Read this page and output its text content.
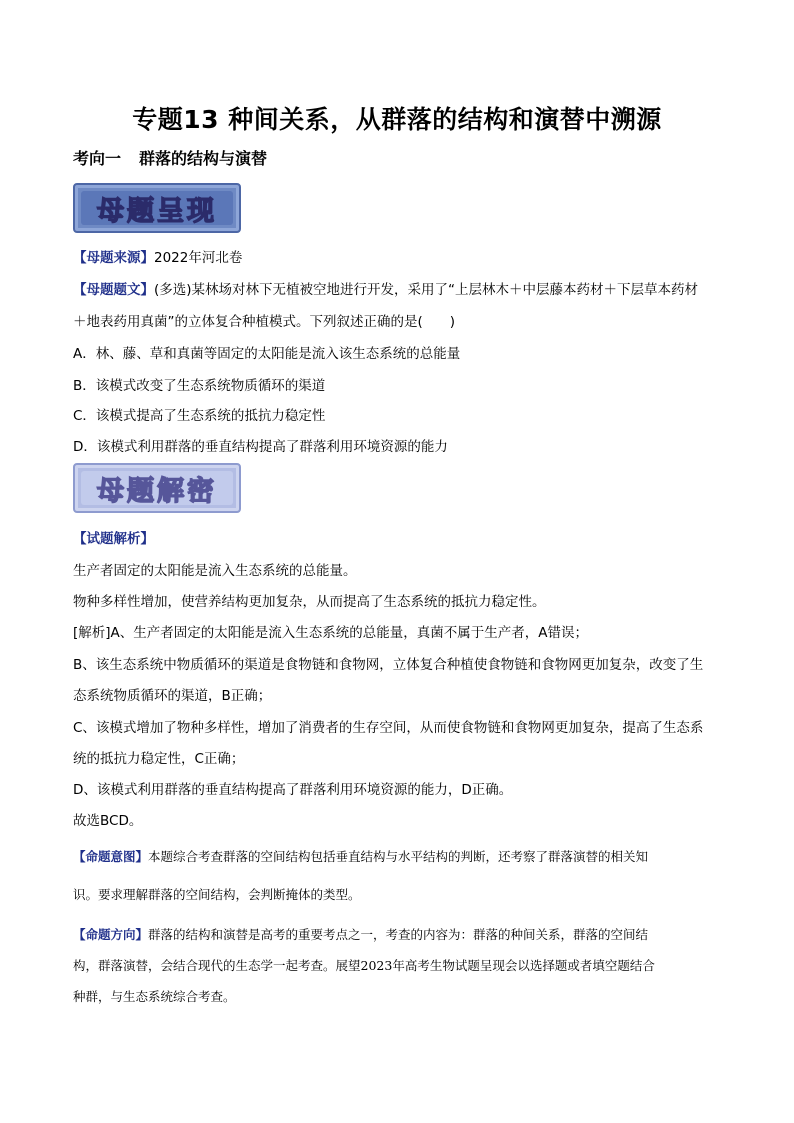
专题13 种间关系，从群落的结构和演替中溯源
考向一 群落的结构与演替
母题呈现
【母题来源】2022年河北卷
【母题题文】(多选)某林场对林下无植被空地进行开发，采用了“上层林木＋中层藤本药材＋下层草本药材
＋地表药用真菌”的立体复合种植模式。下列叙述正确的是(　　)
A．林、藤、草和真菌等固定的太阳能是流入该生态系统的总能量
B．该模式改变了生态系统物质循环的渠道
C．该模式提高了生态系统的抵抗力稳定性
D．该模式利用群落的垂直结构提高了群落利用环境资源的能力
母题解密
【试题解析】
生产者固定的太阳能是流入生态系统的总能量。
物种多样性增加，使营养结构更加复杂，从而提高了生态系统的抵抗力稳定性。
[解析]A、生产者固定的太阳能是流入生态系统的总能量，真菌不属于生产者，A错误；
B、该生态系统中物质循环的渠道是食物链和食物网，立体复合种植使食物链和食物网更加复杂，改变了生
态系统物质循环的渠道，B正确；
C、该模式增加了物种多样性，增加了消费者的生存空间，从而使食物链和食物网更加复杂，提高了生态系
统的抵抗力稳定性，C正确；
D、该模式利用群落的垂直结构提高了群落利用环境资源的能力，D正确。
故选BCD。
【命题意图】本题综合考查群落的空间结构包括垂直结构与水平结构的判断，还考察了群落演替的相关知
识。要求理解群落的空间结构，会判断掩体的类型。
【命题方向】群落的结构和演替是高考的重要考点之一，考查的内容为：群落的种间关系，群落的空间结
构，群落演替，会结合现代的生态学一起考查。展望2023年高考生物试题呈现会以选择题或者填空题结合
种群，与生态系统综合考查。
